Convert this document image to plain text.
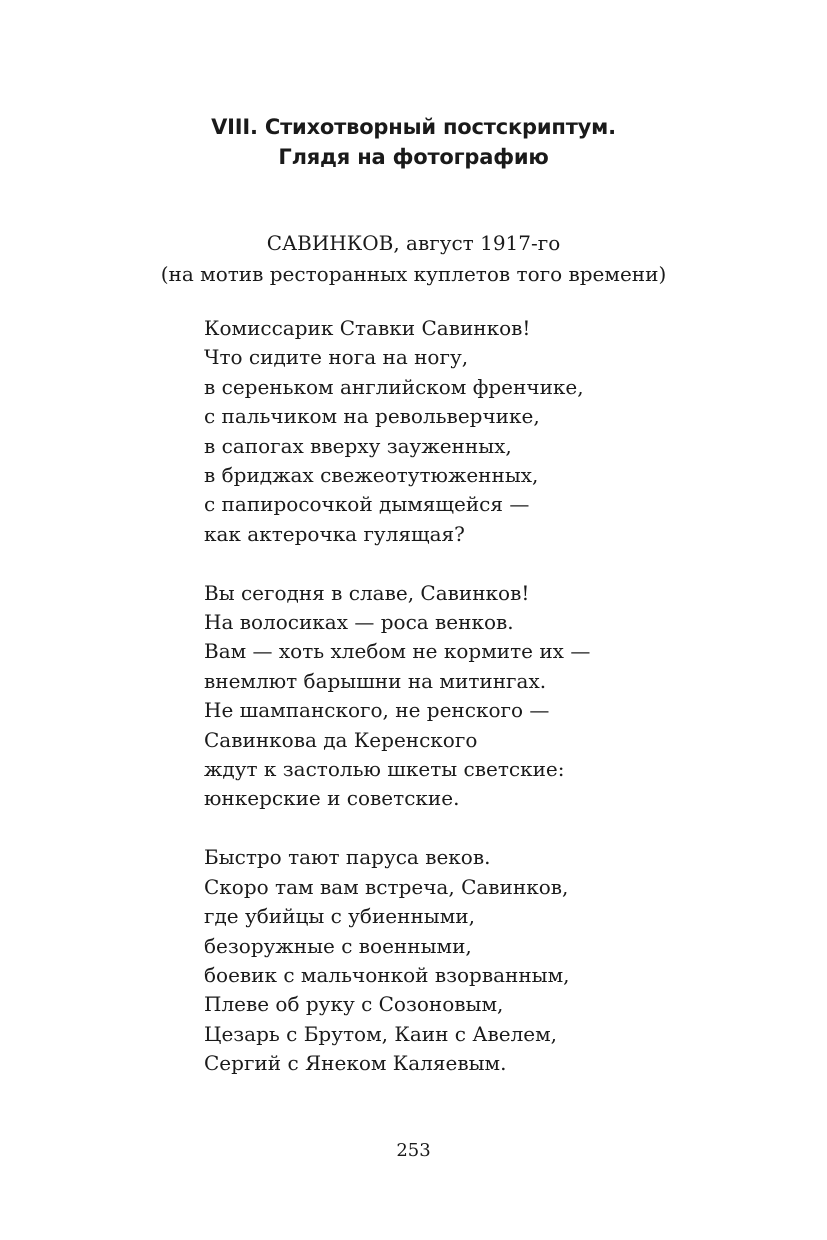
VIII. Стихотворный постскриптум.
Глядя на фотографию
САВИНКОВ, август 1917-го
(на мотив ресторанных куплетов того времени)
Комиссарик Ставки Савинков!
Что сидите нога на ногу,
в сереньком английском френчике,
с пальчиком на револьверчике,
в сапогах вверху зауженных,
в бриджах свежеотутюженных,
с папиросочкой дымящейся —
как актерочка гулящая?
Вы сегодня в славе, Савинков!
На волосиках — роса венков.
Вам — хоть хлебом не кормите их —
внемлют барышни на митингах.
Не шампанского, не ренского —
Савинкова да Керенского
ждут к застолью шкеты светские:
юнкерские и советские.
Быстро тают паруса веков.
Скоро там вам встреча, Савинков,
где убийцы с убиенными,
безоружные с военными,
боевик с мальчонкой взорванным,
Плеве об руку с Созоновым,
Цезарь с Брутом, Каин с Авелем,
Сергий с Янеком Каляевым.
253
